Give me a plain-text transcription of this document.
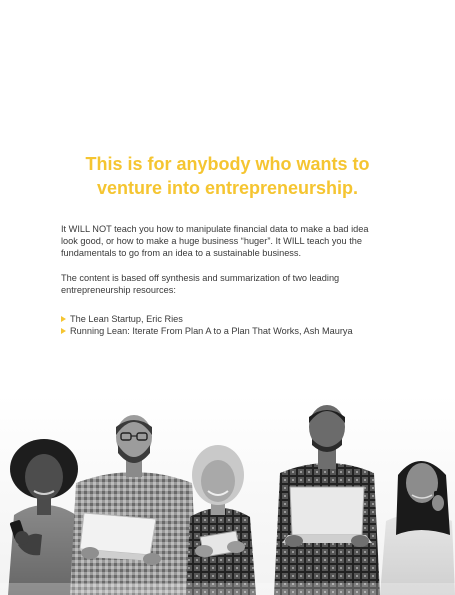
This is for anybody who wants to
venture into entrepreneurship.

It WILL NOT teach you how to manipulate financial data to make a bad idea
look good, or how to make a huge business “huger”. It WILL teach you the
fundamentals to go from an idea to a sustainable business.

The content is based off synthesis and summarization of two leading
entrepreneurship resources:

The Lean Startup, Eric Ries
Running Lean: Iterate From Plan A to a Plan That Works, Ash Maurya
